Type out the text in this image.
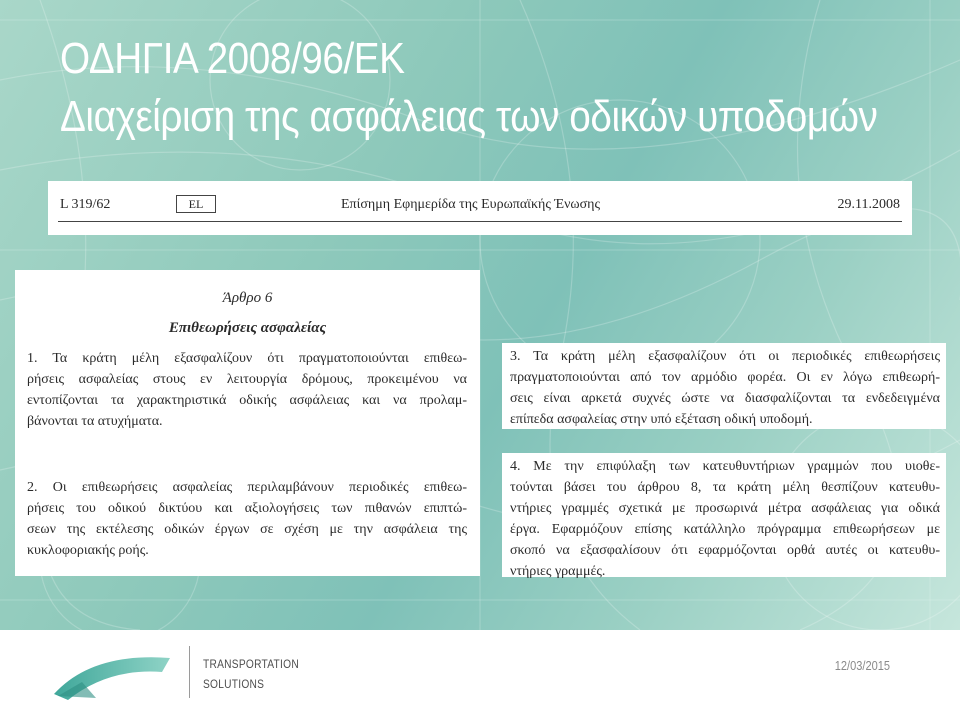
ΟΔΗΓΙΑ 2008/96/ΕΚ
Διαχείριση της ασφάλειας των οδικών υποδομών
L 319/62	EL	Επίσημη Εφημερίδα της Ευρωπαϊκής Ένωσης	29.11.2008
Άρθρο 6
Επιθεωρήσεις ασφαλείας
1. Τα κράτη μέλη εξασφαλίζουν ότι πραγματοποιούνται επιθεω-
ρήσεις ασφαλείας στους εν λειτουργία δρόμους, προκειμένου να
εντοπίζονται τα χαρακτηριστικά οδικής ασφάλειας και να προλαμ-
βάνονται τα ατυχήματα.
2. Οι επιθεωρήσεις ασφαλείας περιλαμβάνουν περιοδικές επιθεω-
ρήσεις του οδικού δικτύου και αξιολογήσεις των πιθανών επιπτώ-
σεων της εκτέλεσης οδικών έργων σε σχέση με την ασφάλεια της
κυκλοφοριακής ροής.
3. Τα κράτη μέλη εξασφαλίζουν ότι οι περιοδικές επιθεωρήσεις
πραγματοποιούνται από τον αρμόδιο φορέα. Οι εν λόγω επιθεωρή-
σεις είναι αρκετά συχνές ώστε να διασφαλίζονται τα ενδεδειγμένα
επίπεδα ασφαλείας στην υπό εξέταση οδική υποδομή.
4. Με την επιφύλαξη των κατευθυντήριων γραμμών που υιοθε-
τούνται βάσει του άρθρου 8, τα κράτη μέλη θεσπίζουν κατευθυ-
ντήριες γραμμές σχετικά με προσωρινά μέτρα ασφάλειας για οδικά
έργα. Εφαρμόζουν επίσης κατάλληλο πρόγραμμα επιθεωρήσεων με
σκοπό να εξασφαλίσουν ότι εφαρμόζονται ορθά αυτές οι κατευθυ-
ντήριες γραμμές.
TRANSPORTATION
SOLUTIONS
12/03/2015
